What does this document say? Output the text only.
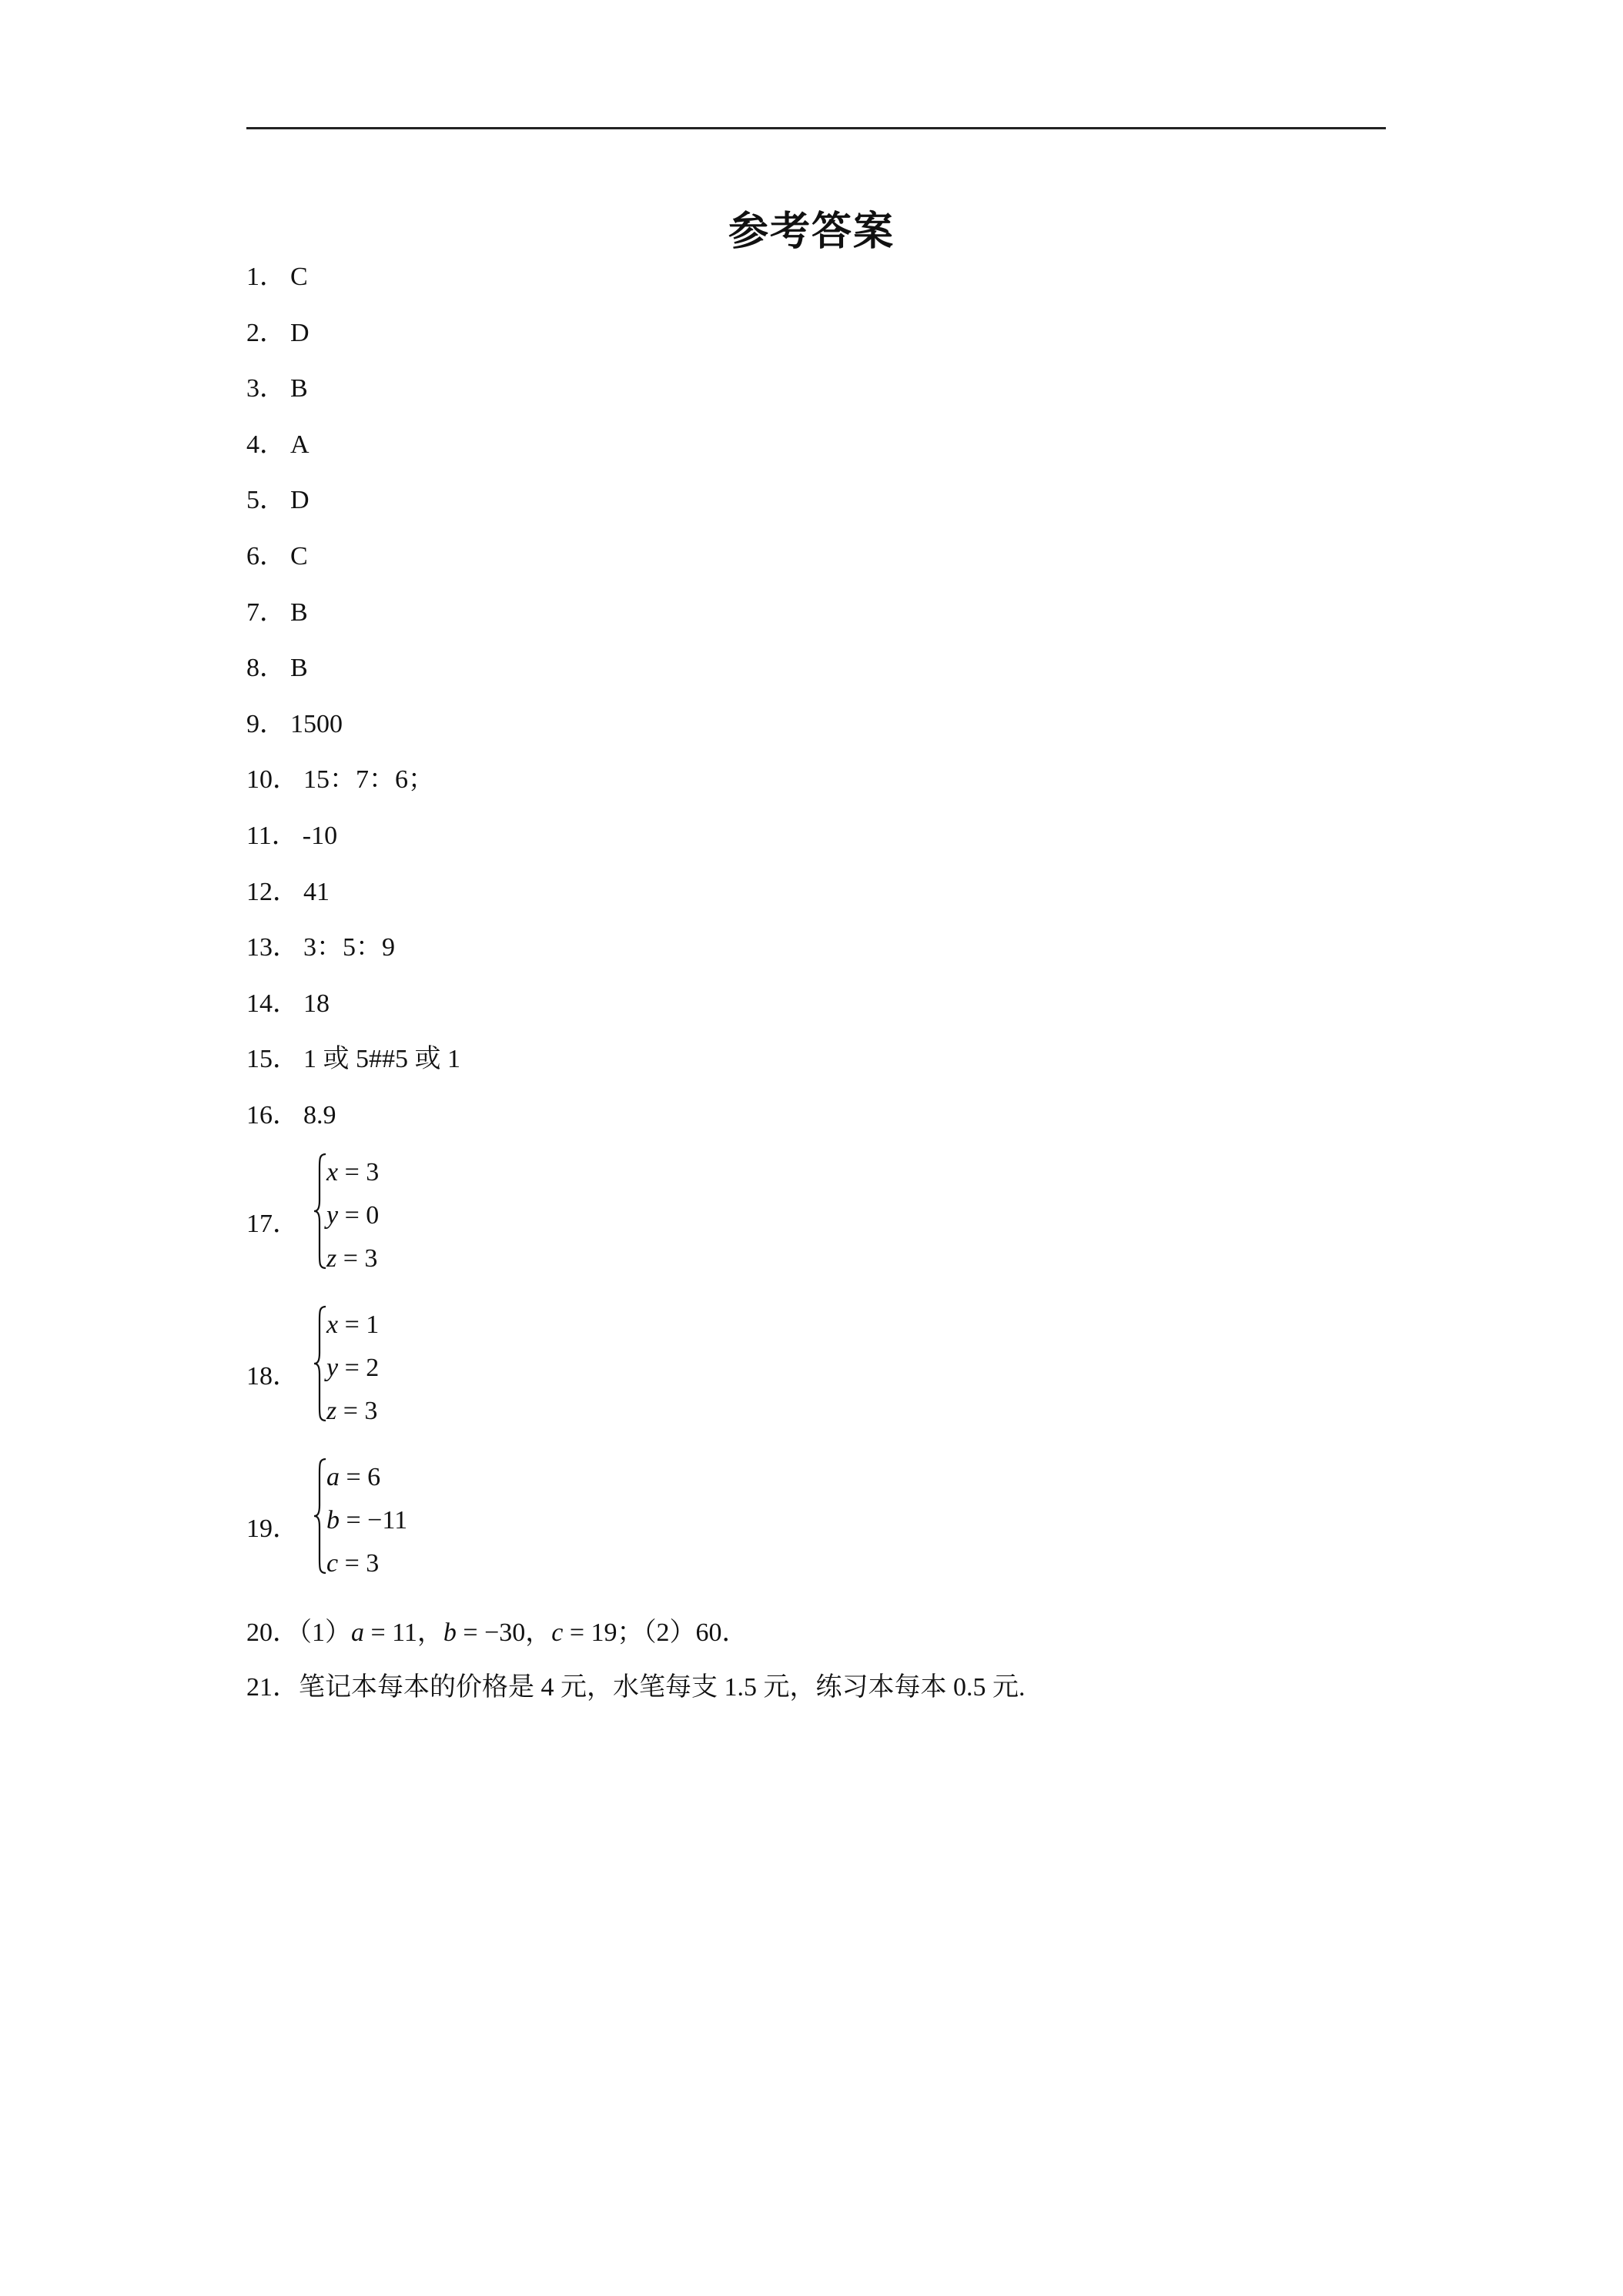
参考答案
1． C
2． D
3． B
4． A
5． D
6． C
7． B
8． B
9． 1500
10． 15：7：6；
11． -10
12． 41
13． 3：5：9
14． 18
15． 1 或 5##5 或 1
16． 8.9
17．
x = 3
y = 0
z = 3
18．
x = 1
y = 2
z = 3
19．
a = 6
b = −11
c = 3
20．（1）a = 11，b = −30，c = 19；（2）60．
21．笔记本每本的价格是 4 元，水笔每支 1.5 元，练习本每本 0.5 元.
